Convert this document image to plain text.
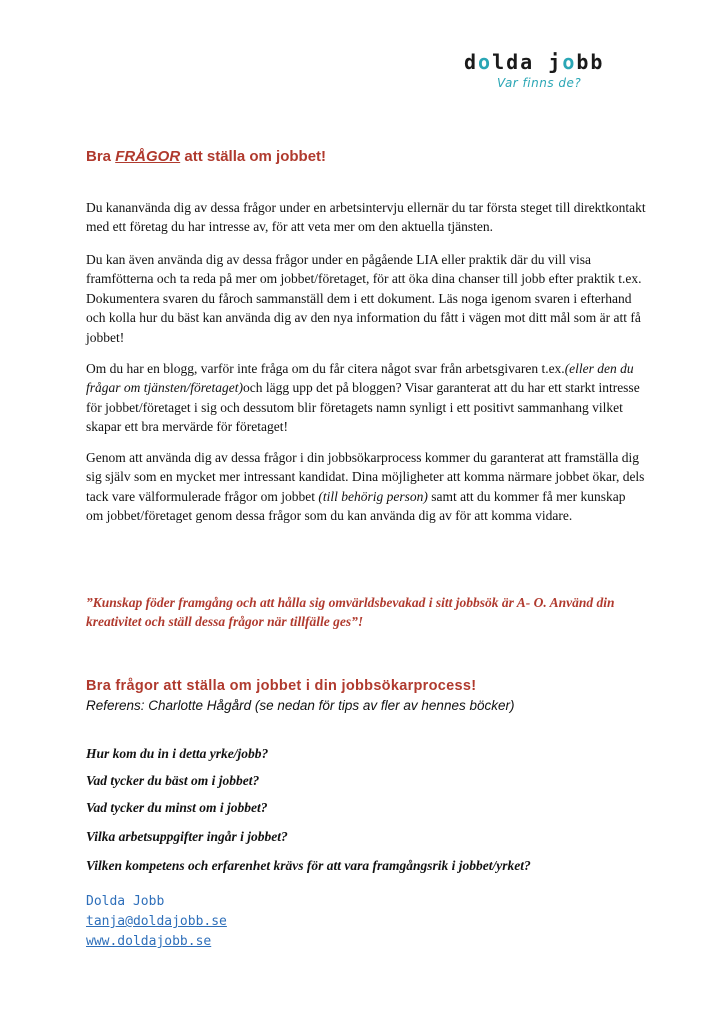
dolda jobb
Var finns de?
Bra FRÅGOR att ställa om jobbet!

Du kananvända dig av dessa frågor under en arbetsintervju ellernär du tar första steget till direktkontakt med ett företag du har intresse av, för att veta mer om den aktuella tjänsten.

Du kan även använda dig av dessa frågor under en pågående LIA eller praktik där du vill visa framfötterna och ta reda på mer om jobbet/företaget, för att öka dina chanser till jobb efter praktik t.ex. Dokumentera svaren du fåroch sammanställ dem i ett dokument. Läs noga igenom svaren i efterhand och kolla hur du bäst kan använda dig av den nya information du fått i vägen mot ditt mål som är att få jobbet!

Om du har en blogg, varför inte fråga om du får citera något svar från arbetsgivaren t.ex.(eller den du frågar om tjänsten/företaget)och lägg upp det på bloggen? Visar garanterat att du har ett starkt intresse för jobbet/företaget i sig och dessutom blir företagets namn synligt i ett positivt sammanhang vilket skapar ett bra mervärde för företaget!

Genom att använda dig av dessa frågor i din jobbsökarprocess kommer du garanterat att framställa dig sig själv som en mycket mer intressant kandidat. Dina möjligheter att komma närmare jobbet ökar, dels tack vare välformulerade frågor om jobbet (till behörig person) samt att du kommer få mer kunskap om jobbet/företaget genom dessa frågor som du kan använda dig av för att komma vidare.

”Kunskap föder framgång och att hålla sig omvärldsbevakad i sitt jobbsök är A- O. Använd din kreativitet och ställ dessa frågor när tillfälle ges”!

Bra frågor att ställa om jobbet i din jobbsökarprocess!
Referens: Charlotte Hågård (se nedan för tips av fler av hennes böcker)

Hur kom du in i detta yrke/jobb?

Vad tycker du bäst om i jobbet?

Vad tycker du minst om i jobbet?

Vilka arbetsuppgifter ingår i jobbet?

Vilken kompetens och erfarenhet krävs för att vara framgångsrik i jobbet/yrket?

Dolda Jobb
tanja@doldajobb.se
www.doldajobb.se
